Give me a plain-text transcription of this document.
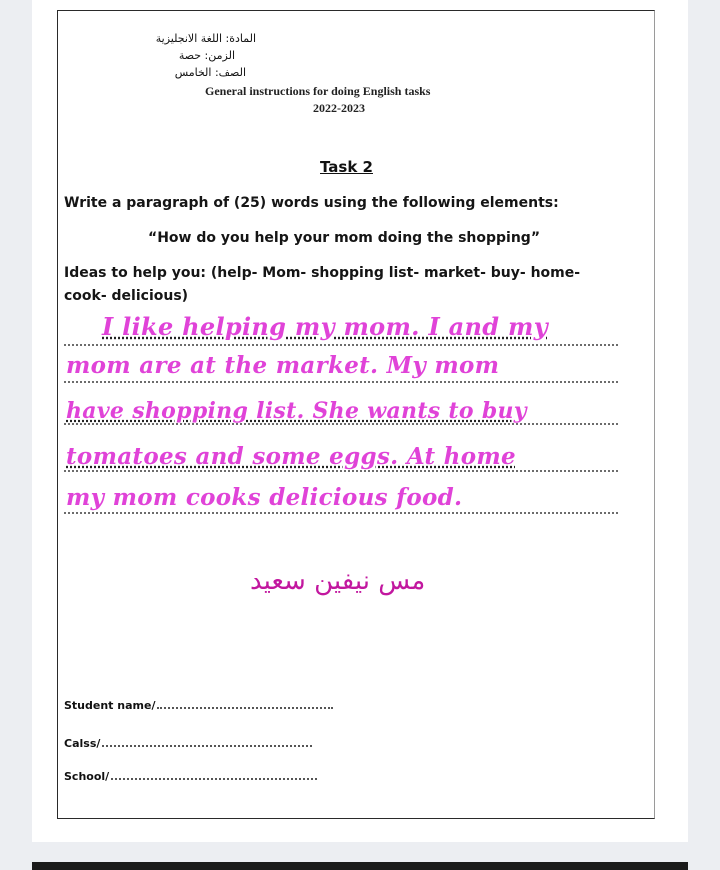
المادة: اللغة الانجليزية
الزمن: حصة
الصف: الخامس
General instructions for doing English tasks
2022-2023
Task 2
Write a paragraph of (25) words using the following elements:
“How do you help your mom doing the shopping”
Ideas to help you: (help- Mom- shopping list- market- buy- home-
cook- delicious)
I like helping my mom. I and my
mom are at the market. My mom
have shopping list. She wants to buy
tomatoes and some eggs. At home
my mom cooks delicious food.
مس نيفين سعيد
Student name/
Calss/
School/
